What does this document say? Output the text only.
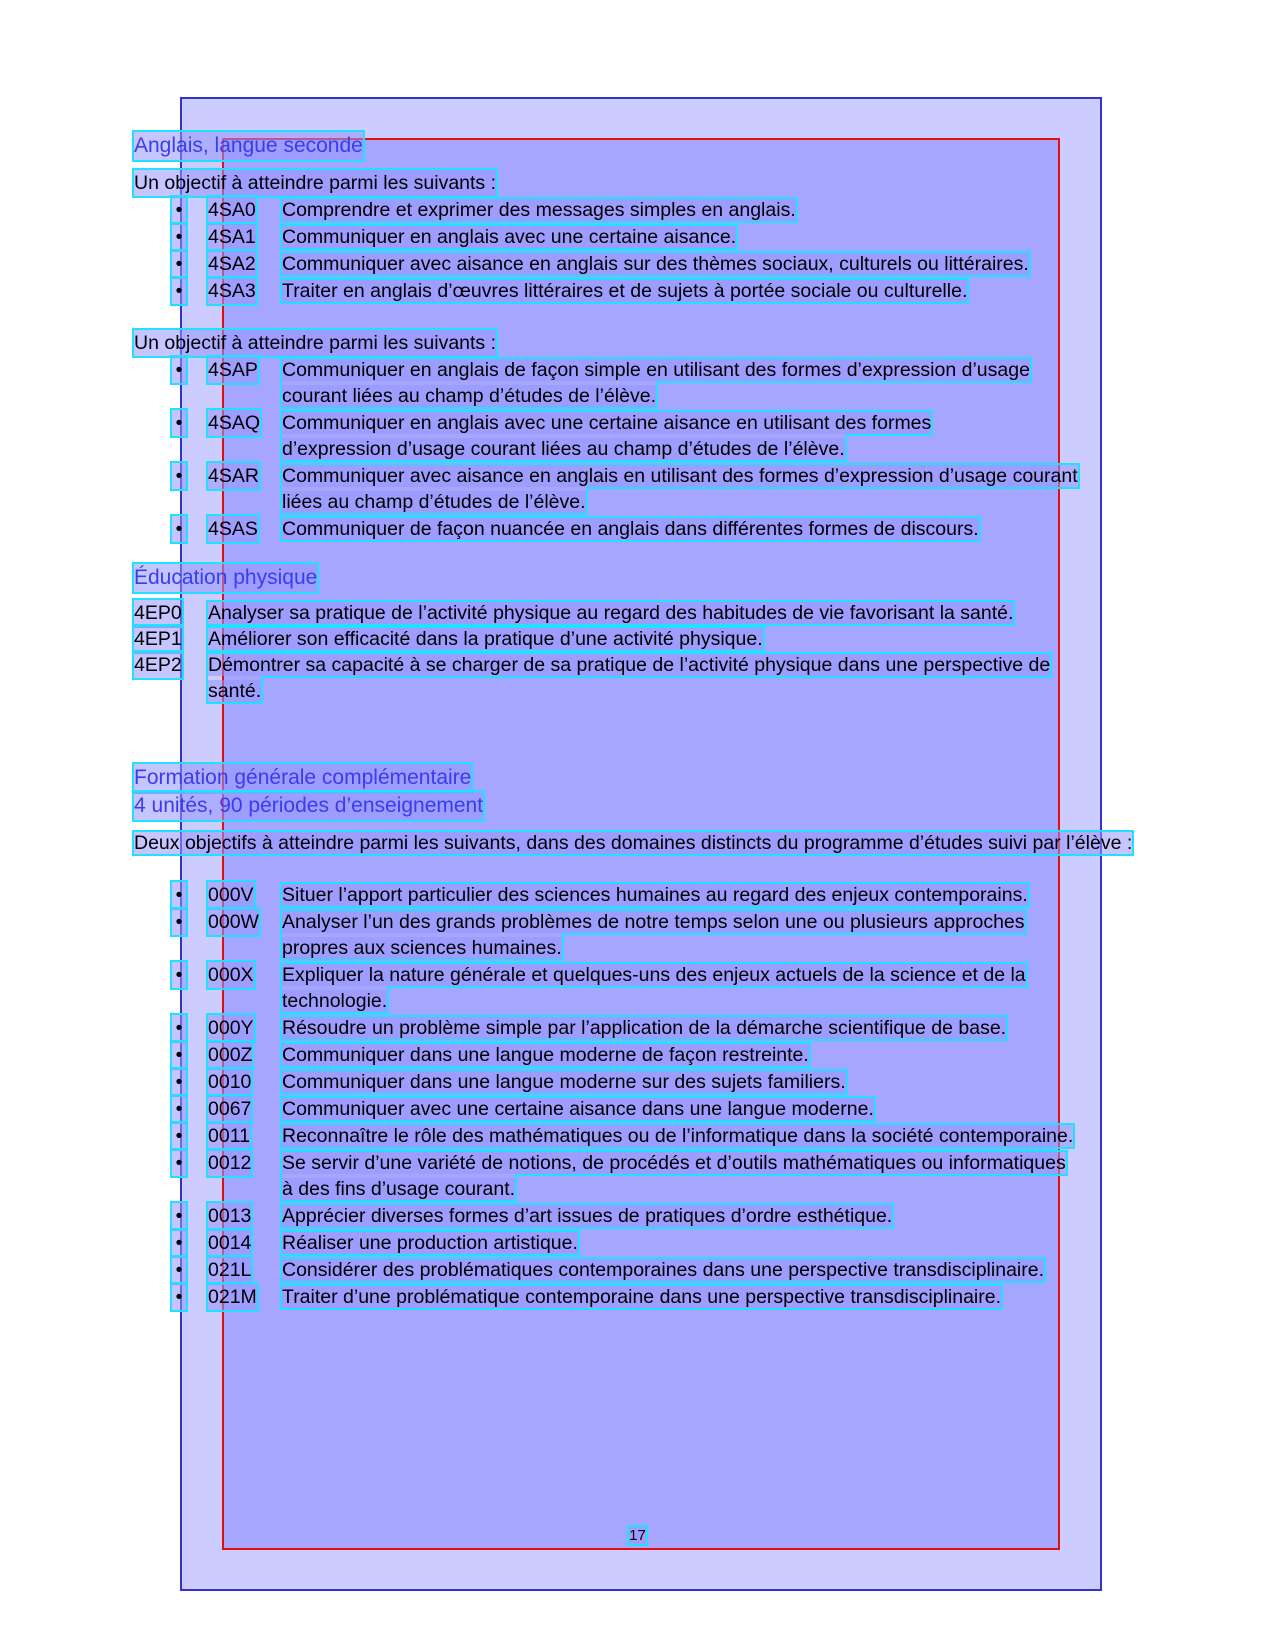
Anglais, langue seconde
Un objectif à atteindre parmi les suivants :
• 4SA0 Comprendre et exprimer des messages simples en anglais.
• 4SA1 Communiquer en anglais avec une certaine aisance.
• 4SA2 Communiquer avec aisance en anglais sur des thèmes sociaux, culturels ou littéraires.
• 4SA3 Traiter en anglais d’œuvres littéraires et de sujets à portée sociale ou culturelle.
Un objectif à atteindre parmi les suivants :
• 4SAP Communiquer en anglais de façon simple en utilisant des formes d’expression d’usage courant liées au champ d’études de l’élève.
• 4SAQ Communiquer en anglais avec une certaine aisance en utilisant des formes d’expression d’usage courant liées au champ d’études de l’élève.
• 4SAR Communiquer avec aisance en anglais en utilisant des formes d’expression d’usage courant liées au champ d’études de l’élève.
• 4SAS Communiquer de façon nuancée en anglais dans différentes formes de discours.
Éducation physique
4EP0 Analyser sa pratique de l’activité physique au regard des habitudes de vie favorisant la santé.
4EP1 Améliorer son efficacité dans la pratique d’une activité physique.
4EP2 Démontrer sa capacité à se charger de sa pratique de l’activité physique dans une perspective de santé.
Formation générale complémentaire
4 unités, 90 périodes d’enseignement
Deux objectifs à atteindre parmi les suivants, dans des domaines distincts du programme d’études suivi par l’élève :
• 000V Situer l’apport particulier des sciences humaines au regard des enjeux contemporains.
• 000W Analyser l’un des grands problèmes de notre temps selon une ou plusieurs approches propres aux sciences humaines.
• 000X Expliquer la nature générale et quelques-uns des enjeux actuels de la science et de la technologie.
• 000Y Résoudre un problème simple par l’application de la démarche scientifique de base.
• 000Z Communiquer dans une langue moderne de façon restreinte.
• 0010 Communiquer dans une langue moderne sur des sujets familiers.
• 0067 Communiquer avec une certaine aisance dans une langue moderne.
• 0011 Reconnaître le rôle des mathématiques ou de l’informatique dans la société contemporaine.
• 0012 Se servir d’une variété de notions, de procédés et d’outils mathématiques ou informatiques à des fins d’usage courant.
• 0013 Apprécier diverses formes d’art issues de pratiques d’ordre esthétique.
• 0014 Réaliser une production artistique.
• 021L Considérer des problématiques contemporaines dans une perspective transdisciplinaire.
• 021M Traiter d’une problématique contemporaine dans une perspective transdisciplinaire.
17
